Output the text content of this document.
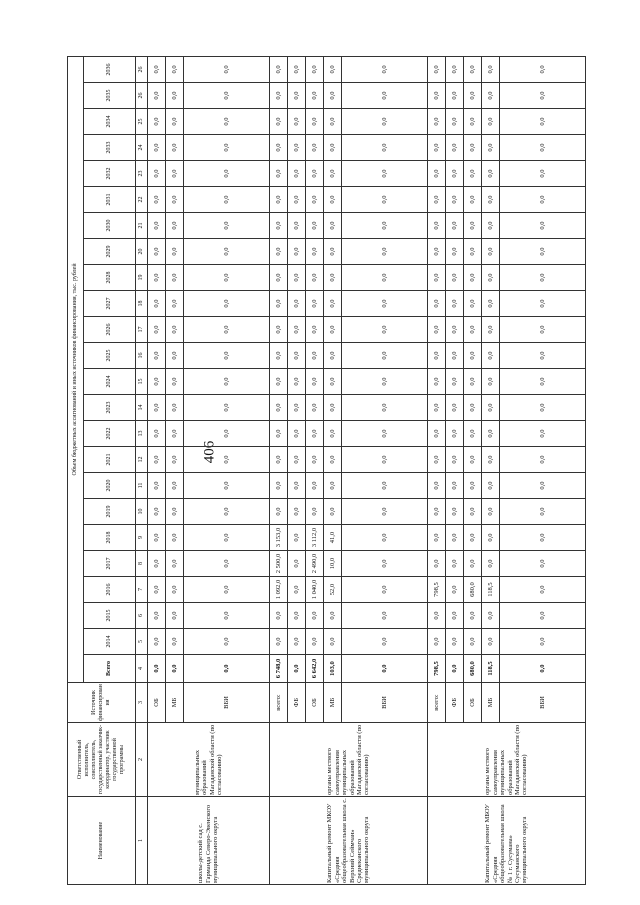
406
Наименование	Ответственный исполнитель, соисполнитель, государственный заказчик-координатор, участник государственной программы	Источник финансирования	Объем бюджетных ассигнований и иных источников финансирования, тыс. рублей																							
			Всего	2014	2015	2016	2017	2018	2019	2020	2021	2022	2023	2024	2025	2026	2027	2028	2029	2030	2031	2032	2033	2034	2035	2036
1	2	3	4	5	6	7	8	9	10	11	12	13	14	15	16	17	18	19	20	21	22	23	24	25	26	26
школы-детский сад с. Гарманда Северо-Эвенского муниципального округа	муниципальных образований Магаданской области (по согласованию)	ОБ	0,0	0,0	0,0	0,0	0,0	0,0	0,0	0,0	0,0	0,0	0,0	0,0	0,0	0,0	0,0	0,0	0,0	0,0	0,0	0,0	0,0	0,0	0,0	0,0
		МБ	0,0	0,0	0,0	0,0	0,0	0,0	0,0	0,0	0,0	0,0	0,0	0,0	0,0	0,0	0,0	0,0	0,0	0,0	0,0	0,0	0,0	0,0	0,0	0,0
		ВБИ	0,0	0,0	0,0	0,0	0,0	0,0	0,0	0,0	0,0	0,0	0,0	0,0	0,0	0,0	0,0	0,0	0,0	0,0	0,0	0,0	0,0	0,0	0,0	0,0
Капитальный ремонт МКОУ «Средняя общеобразовательная школа с. Верхний Сеймчан» Среднеканского муниципального округа	органы местного самоуправления муниципальных образований Магаданской области (по согласованию)	всего:	6 748,0	0,0	0,0	1 092,0	2 500,0	3 153,0	0,0	0,0	0,0	0,0	0,0	0,0	0,0	0,0	0,0	0,0	0,0	0,0	0,0	0,0	0,0	0,0	0,0	0,0
		ФБ	0,0	0,0	0,0	0,0	0,0	0,0	0,0	0,0	0,0	0,0	0,0	0,0	0,0	0,0	0,0	0,0	0,0	0,0	0,0	0,0	0,0	0,0	0,0	0,0
		ОБ	6 642,0	0,0	0,0	1 040,0	2 490,0	3 112,0	0,0	0,0	0,0	0,0	0,0	0,0	0,0	0,0	0,0	0,0	0,0	0,0	0,0	0,0	0,0	0,0	0,0	0,0
		МБ	103,0	0,0	0,0	52,0	10,0	41,0	0,0	0,0	0,0	0,0	0,0	0,0	0,0	0,0	0,0	0,0	0,0	0,0	0,0	0,0	0,0	0,0	0,0	0,0
		ВБИ	0,0	0,0	0,0	0,0	0,0	0,0	0,0	0,0	0,0	0,0	0,0	0,0	0,0	0,0	0,0	0,0	0,0	0,0	0,0	0,0	0,0	0,0	0,0	0,0
Капитальный ремонт МБОУ «Средняя общеобразовательная школа № 1 г. Сусумана» Сусуманского муниципального округа	органы местного самоуправления муниципальных образований Магаданской области (по согласованию)	всего:	798,5	0,0	0,0	798,5	0,0	0,0	0,0	0,0	0,0	0,0	0,0	0,0	0,0	0,0	0,0	0,0	0,0	0,0	0,0	0,0	0,0	0,0	0,0	0,0
		ФБ	0,0	0,0	0,0	0,0	0,0	0,0	0,0	0,0	0,0	0,0	0,0	0,0	0,0	0,0	0,0	0,0	0,0	0,0	0,0	0,0	0,0	0,0	0,0	0,0
		ОБ	680,0	0,0	0,0	680,0	0,0	0,0	0,0	0,0	0,0	0,0	0,0	0,0	0,0	0,0	0,0	0,0	0,0	0,0	0,0	0,0	0,0	0,0	0,0	0,0
		МБ	118,5	0,0	0,0	118,5	0,0	0,0	0,0	0,0	0,0	0,0	0,0	0,0	0,0	0,0	0,0	0,0	0,0	0,0	0,0	0,0	0,0	0,0	0,0	0,0
		ВБИ	0,0	0,0	0,0	0,0	0,0	0,0	0,0	0,0	0,0	0,0	0,0	0,0	0,0	0,0	0,0	0,0	0,0	0,0	0,0	0,0	0,0	0,0	0,0	0,0
